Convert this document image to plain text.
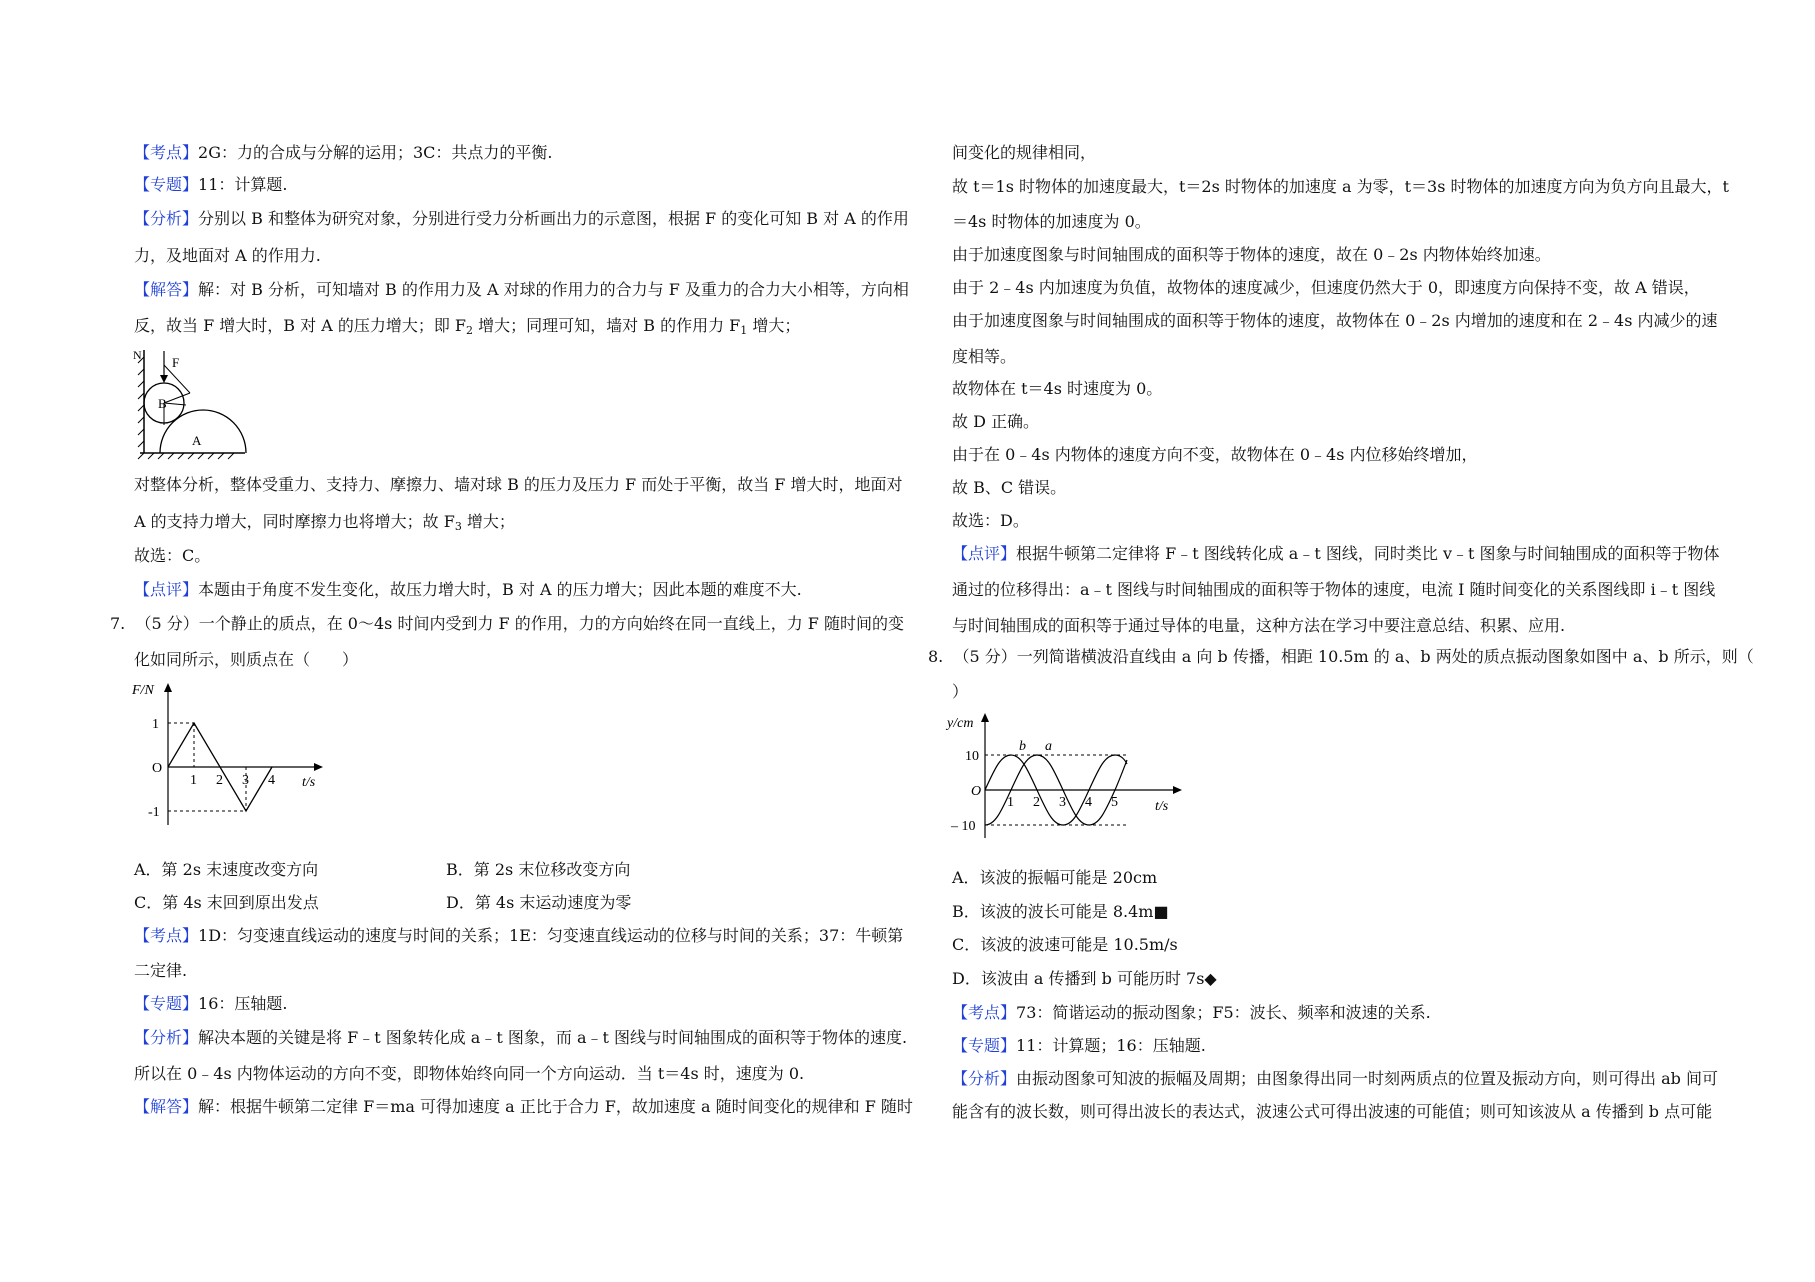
【考点】2G：力的合成与分解的运用；3C：共点力的平衡.
【专题】11：计算题.
【分析】分别以 B 和整体为研究对象，分别进行受力分析画出力的示意图，根据 F 的变化可知 B 对 A 的作用
力，及地面对 A 的作用力.
【解答】解：对 B 分析，可知墙对 B 的作用力及 A 对球的作用力的合力与 F 及重力的合力大小相等，方向相
反，故当 F 增大时，B 对 A 的压力增大；即 $F_2$ 增大；同理可知，墙对 B 的作用力 $F_1$ 增大；
N F
B
A
对整体分析，整体受重力、支持力、摩擦力、墙对球 B 的压力及压力 F 而处于平衡，故当 F 增大时，地面对
A 的支持力增大，同时摩擦力也将增大；故 $F_3$ 增大；
故选：C。
【点评】本题由于角度不发生变化，故压力增大时，B 对 A 的压力增大；因此本题的难度不大.
7. （5 分）一个静止的质点，在 0～4s 时间内受到力 F 的作用，力的方向始终在同一直线上，力 F 随时间的变
化如同所示，则质点在（　　）
F/N
t/s
O
1
-1
1 2 3 4
A．第 2s 末速度改变方向	B．第 2s 末位移改变方向
C．第 4s 末回到原出发点	D．第 4s 末运动速度为零
【考点】1D：匀变速直线运动的速度与时间的关系；1E：匀变速直线运动的位移与时间的关系；37：牛顿第
二定律.
【专题】16：压轴题.
【分析】解决本题的关键是将 F﹣t 图象转化成 a﹣t 图象，而 a﹣t 图线与时间轴围成的面积等于物体的速度.
所以在 0﹣4s 内物体运动的方向不变，即物体始终向同一个方向运动．当 t＝4s 时，速度为 0.
【解答】解：根据牛顿第二定律 F＝ma 可得加速度 a 正比于合力 F，故加速度 a 随时间变化的规律和 F 随时
间变化的规律相同，
故 t＝1s 时物体的加速度最大，t＝2s 时物体的加速度 a 为零，t＝3s 时物体的加速度方向为负方向且最大，t
＝4s 时物体的加速度为 0。
由于加速度图象与时间轴围成的面积等于物体的速度，故在 0﹣2s 内物体始终加速。
由于 2﹣4s 内加速度为负值，故物体的速度减少，但速度仍然大于 0，即速度方向保持不变，故 A 错误，
由于加速度图象与时间轴围成的面积等于物体的速度，故物体在 0﹣2s 内增加的速度和在 2﹣4s 内减少的速
度相等。
故物体在 t＝4s 时速度为 0。
故 D 正确。
由于在 0﹣4s 内物体的速度方向不变，故物体在 0﹣4s 内位移始终增加，
故 B、C 错误。
故选：D。
【点评】根据牛顿第二定律将 F﹣t 图线转化成 a﹣t 图线，同时类比 v﹣t 图象与时间轴围成的面积等于物体
通过的位移得出：a﹣t 图线与时间轴围成的面积等于物体的速度，电流 I 随时间变化的关系图线即 i﹣t 图线
与时间轴围成的面积等于通过导体的电量，这种方法在学习中要注意总结、积累、应用.
8. （5 分）一列简谐横波沿直线由 a 向 b 传播，相距 10.5m 的 a、b 两处的质点振动图象如图中 a、b 所示，则（
）
y/cm
t/s
O
10
– 10
1 2 3 4 5
b a
A．该波的振幅可能是 20cm
B．该波的波长可能是 8.4m■
C．该波的波速可能是 10.5m/s
D．该波由 a 传播到 b 可能历时 7s◆
【考点】73：简谐运动的振动图象；F5：波长、频率和波速的关系.
【专题】11：计算题；16：压轴题.
【分析】由振动图象可知波的振幅及周期；由图象得出同一时刻两质点的位置及振动方向，则可得出 ab 间可
能含有的波长数，则可得出波长的表达式，波速公式可得出波速的可能值；则可知该波从 a 传播到 b 点可能
